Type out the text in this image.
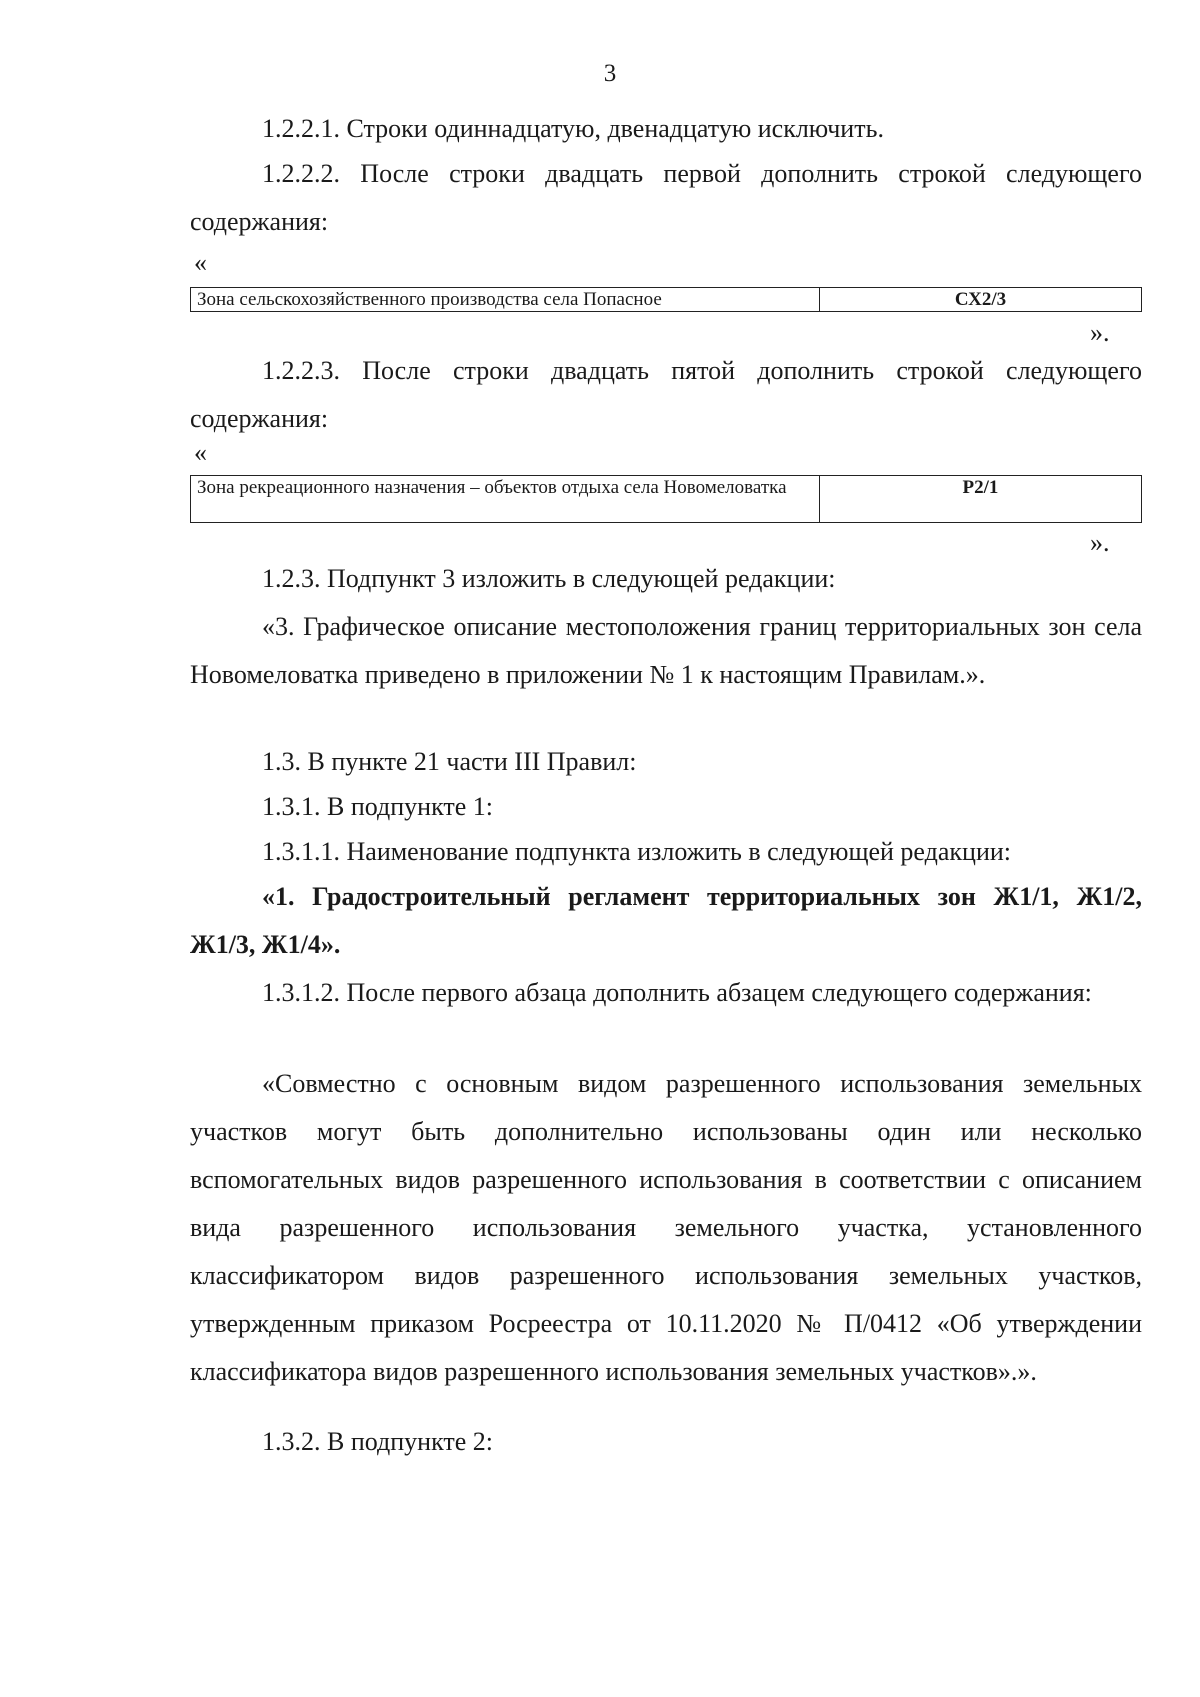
3

1.2.2.1. Строки одиннадцатую, двенадцатую исключить.

1.2.2.2. После строки двадцать первой дополнить строкой следующего содержания:

«
Зона сельскохозяйственного производства села Попасное	СХ2/3
».

1.2.2.3. После строки двадцать пятой дополнить строкой следующего содержания:

«
Зона рекреационного назначения – объектов отдыха села Новомеловатка	Р2/1
».

1.2.3. Подпункт 3 изложить в следующей редакции:

«3. Графическое описание местоположения границ территориальных зон села Новомеловатка приведено в приложении № 1 к настоящим Правилам.».

1.3. В пункте 21 части III Правил:

1.3.1. В подпункте 1:

1.3.1.1. Наименование подпункта изложить в следующей редакции:

«1. Градостроительный регламент территориальных зон Ж1/1, Ж1/2, Ж1/3, Ж1/4».

1.3.1.2. После первого абзаца дополнить абзацем следующего содержания:

«Совместно с основным видом разрешенного использования земельных участков могут быть дополнительно использованы один или несколько вспомогательных видов разрешенного использования в соответствии с описанием вида разрешенного использования земельного участка, установленного классификатором видов разрешенного использования земельных участков, утвержденным приказом Росреестра от 10.11.2020 № П/0412 «Об утверждении классификатора видов разрешенного использования земельных участков».».

1.3.2. В подпункте 2:
